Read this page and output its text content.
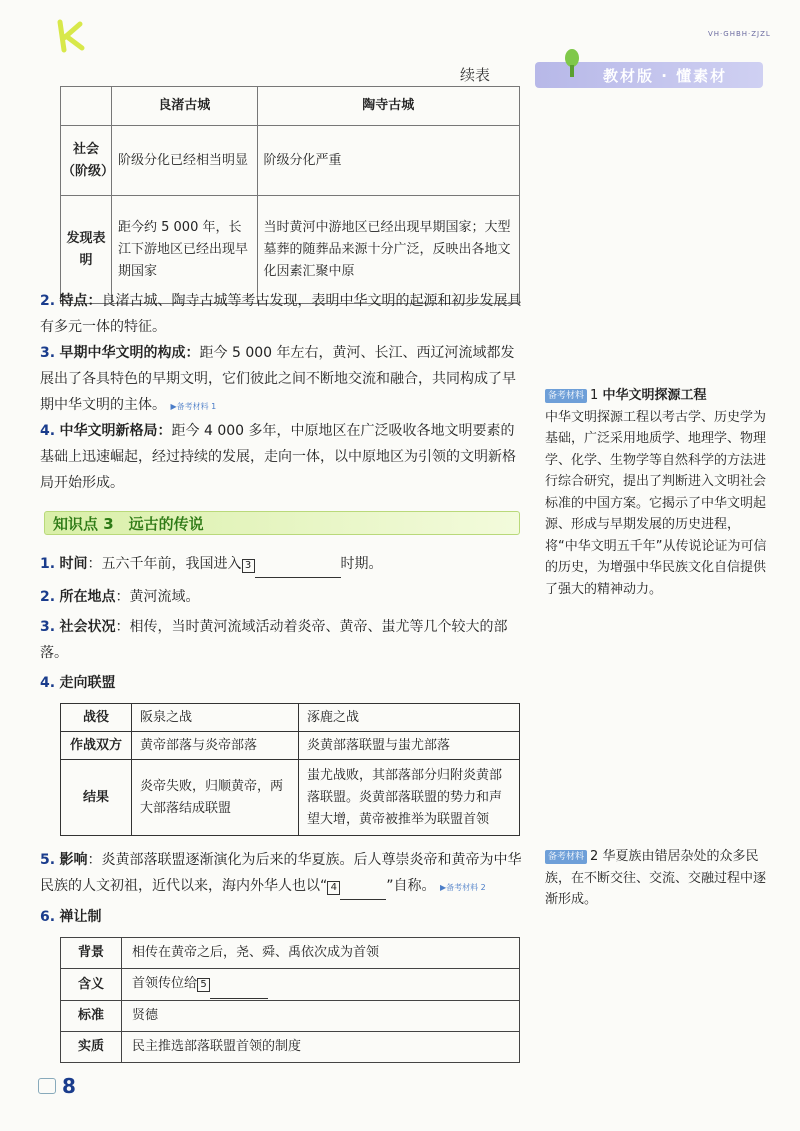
VH·GHBH·ZJZL
教材版 · 懂素材
续表
	良渚古城	陶寺古城
社会（阶级）	阶级分化已经相当明显	阶级分化严重
发现表明	距今约 5 000 年，长江下游地区已经出现早期国家	当时黄河中游地区已经出现早期国家；大型墓葬的随葬品来源十分广泛，反映出各地文化因素汇聚中原
2. 特点：良渚古城、陶寺古城等考古发现，表明中华文明的起源和初步发展具有多元一体的特征。
3. 早期中华文明的构成：距今 5 000 年左右，黄河、长江、西辽河流域都发展出了各具特色的早期文明，它们彼此之间不断地交流和融合，共同构成了早期中华文明的主体。 ▶备考材料 1
4. 中华文明新格局：距今 4 000 多年，中原地区在广泛吸收各地文明要素的基础上迅速崛起，经过持续的发展，走向一体，以中原地区为引领的文明新格局开始形成。
知识点 3　远古的传说
1. 时间：五六千年前，我国进入 3	时期。
2. 所在地点：黄河流域。
3. 社会状况：相传，当时黄河流域活动着炎帝、黄帝、蚩尤等几个较大的部落。
4. 走向联盟
战役	阪泉之战	涿鹿之战
作战双方	黄帝部落与炎帝部落	炎黄部落联盟与蚩尤部落
结果	炎帝失败，归顺黄帝，两大部落结成联盟	蚩尤战败，其部落部分归附炎黄部落联盟。炎黄部落联盟的势力和声望大增，黄帝被推举为联盟首领
5. 影响：炎黄部落联盟逐渐演化为后来的华夏族。后人尊崇炎帝和黄帝为中华民族的人文初祖，近代以来，海内外华人也以“ 4	”自称。 ▶备考材料 2
6. 禅让制
背景	相传在黄帝之后，尧、舜、禹依次成为首领
含义	首领传位给 5
标准	贤德
实质	民主推选部落联盟首领的制度
备考材料 1 中华文明探源工程
中华文明探源工程以考古学、历史学为基础，广泛采用地质学、地理学、物理学、化学、生物学等自然科学的方法进行综合研究，提出了判断进入文明社会标准的中国方案。它揭示了中华文明起源、形成与早期发展的历史进程，将“中华文明五千年”从传说论证为可信的历史，为增强中华民族文化自信提供了强大的精神动力。
备考材料 2 华夏族由错居杂处的众多民族，在不断交往、交流、交融过程中逐渐形成。
8
